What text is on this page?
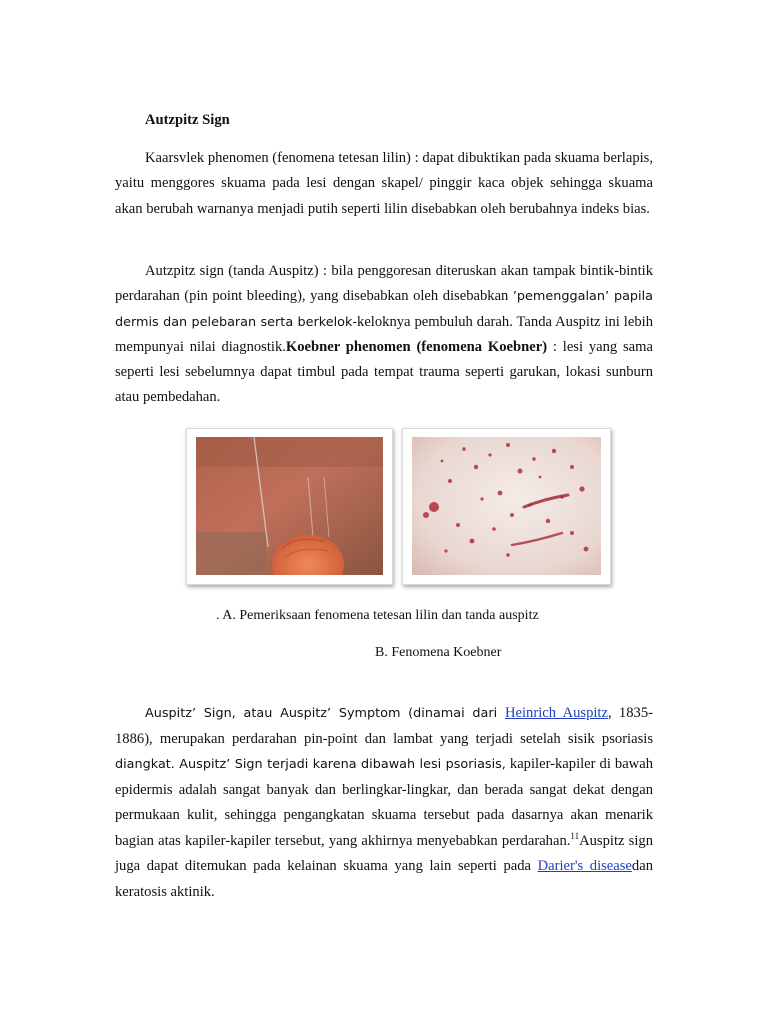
Autzpitz Sign

Kaarsvlek phenomen (fenomena tetesan lilin) : dapat dibuktikan pada skuama berlapis, yaitu menggores skuama pada lesi dengan skapel/ pinggir kaca objek sehingga skuama akan berubah warnanya menjadi putih seperti lilin disebabkan oleh berubahnya indeks bias.

Autzpitz sign (tanda Auspitz) : bila penggoresan diteruskan akan tampak bintik-bintik perdarahan (pin point bleeding), yang disebabkan oleh disebabkan ’pemenggalan’ papila dermis dan pelebaran serta berkelok-keloknya pembuluh darah. Tanda Auspitz ini lebih mempunyai nilai diagnostik.Koebner phenomen (fenomena Koebner) : lesi yang sama seperti lesi sebelumnya dapat timbul pada tempat trauma seperti garukan, lokasi sunburn atau pembedahan.

Auspitz’ Sign, atau Auspitz’ Symptom (dinamai dari Heinrich Auspitz, 1835-1886), merupakan perdarahan pin-point dan lambat yang terjadi setelah sisik psoriasis diangkat. Auspitz’ Sign terjadi karena dibawah lesi psoriasis, kapiler-kapiler di bawah epidermis adalah sangat banyak dan berlingkar-lingkar, dan berada sangat dekat dengan permukaan kulit, sehingga pengangkatan skuama tersebut pada dasarnya akan menarik bagian atas kapiler-kapiler tersebut, yang akhirnya menyebabkan perdarahan.$^{11}$Auspitz sign juga dapat ditemukan pada kelainan skuama yang lain seperti pada Darier's diseasedan keratosis aktinik.

. A. Pemeriksaan fenomena tetesan lilin dan tanda auspitz
B. Fenomena Koebner
